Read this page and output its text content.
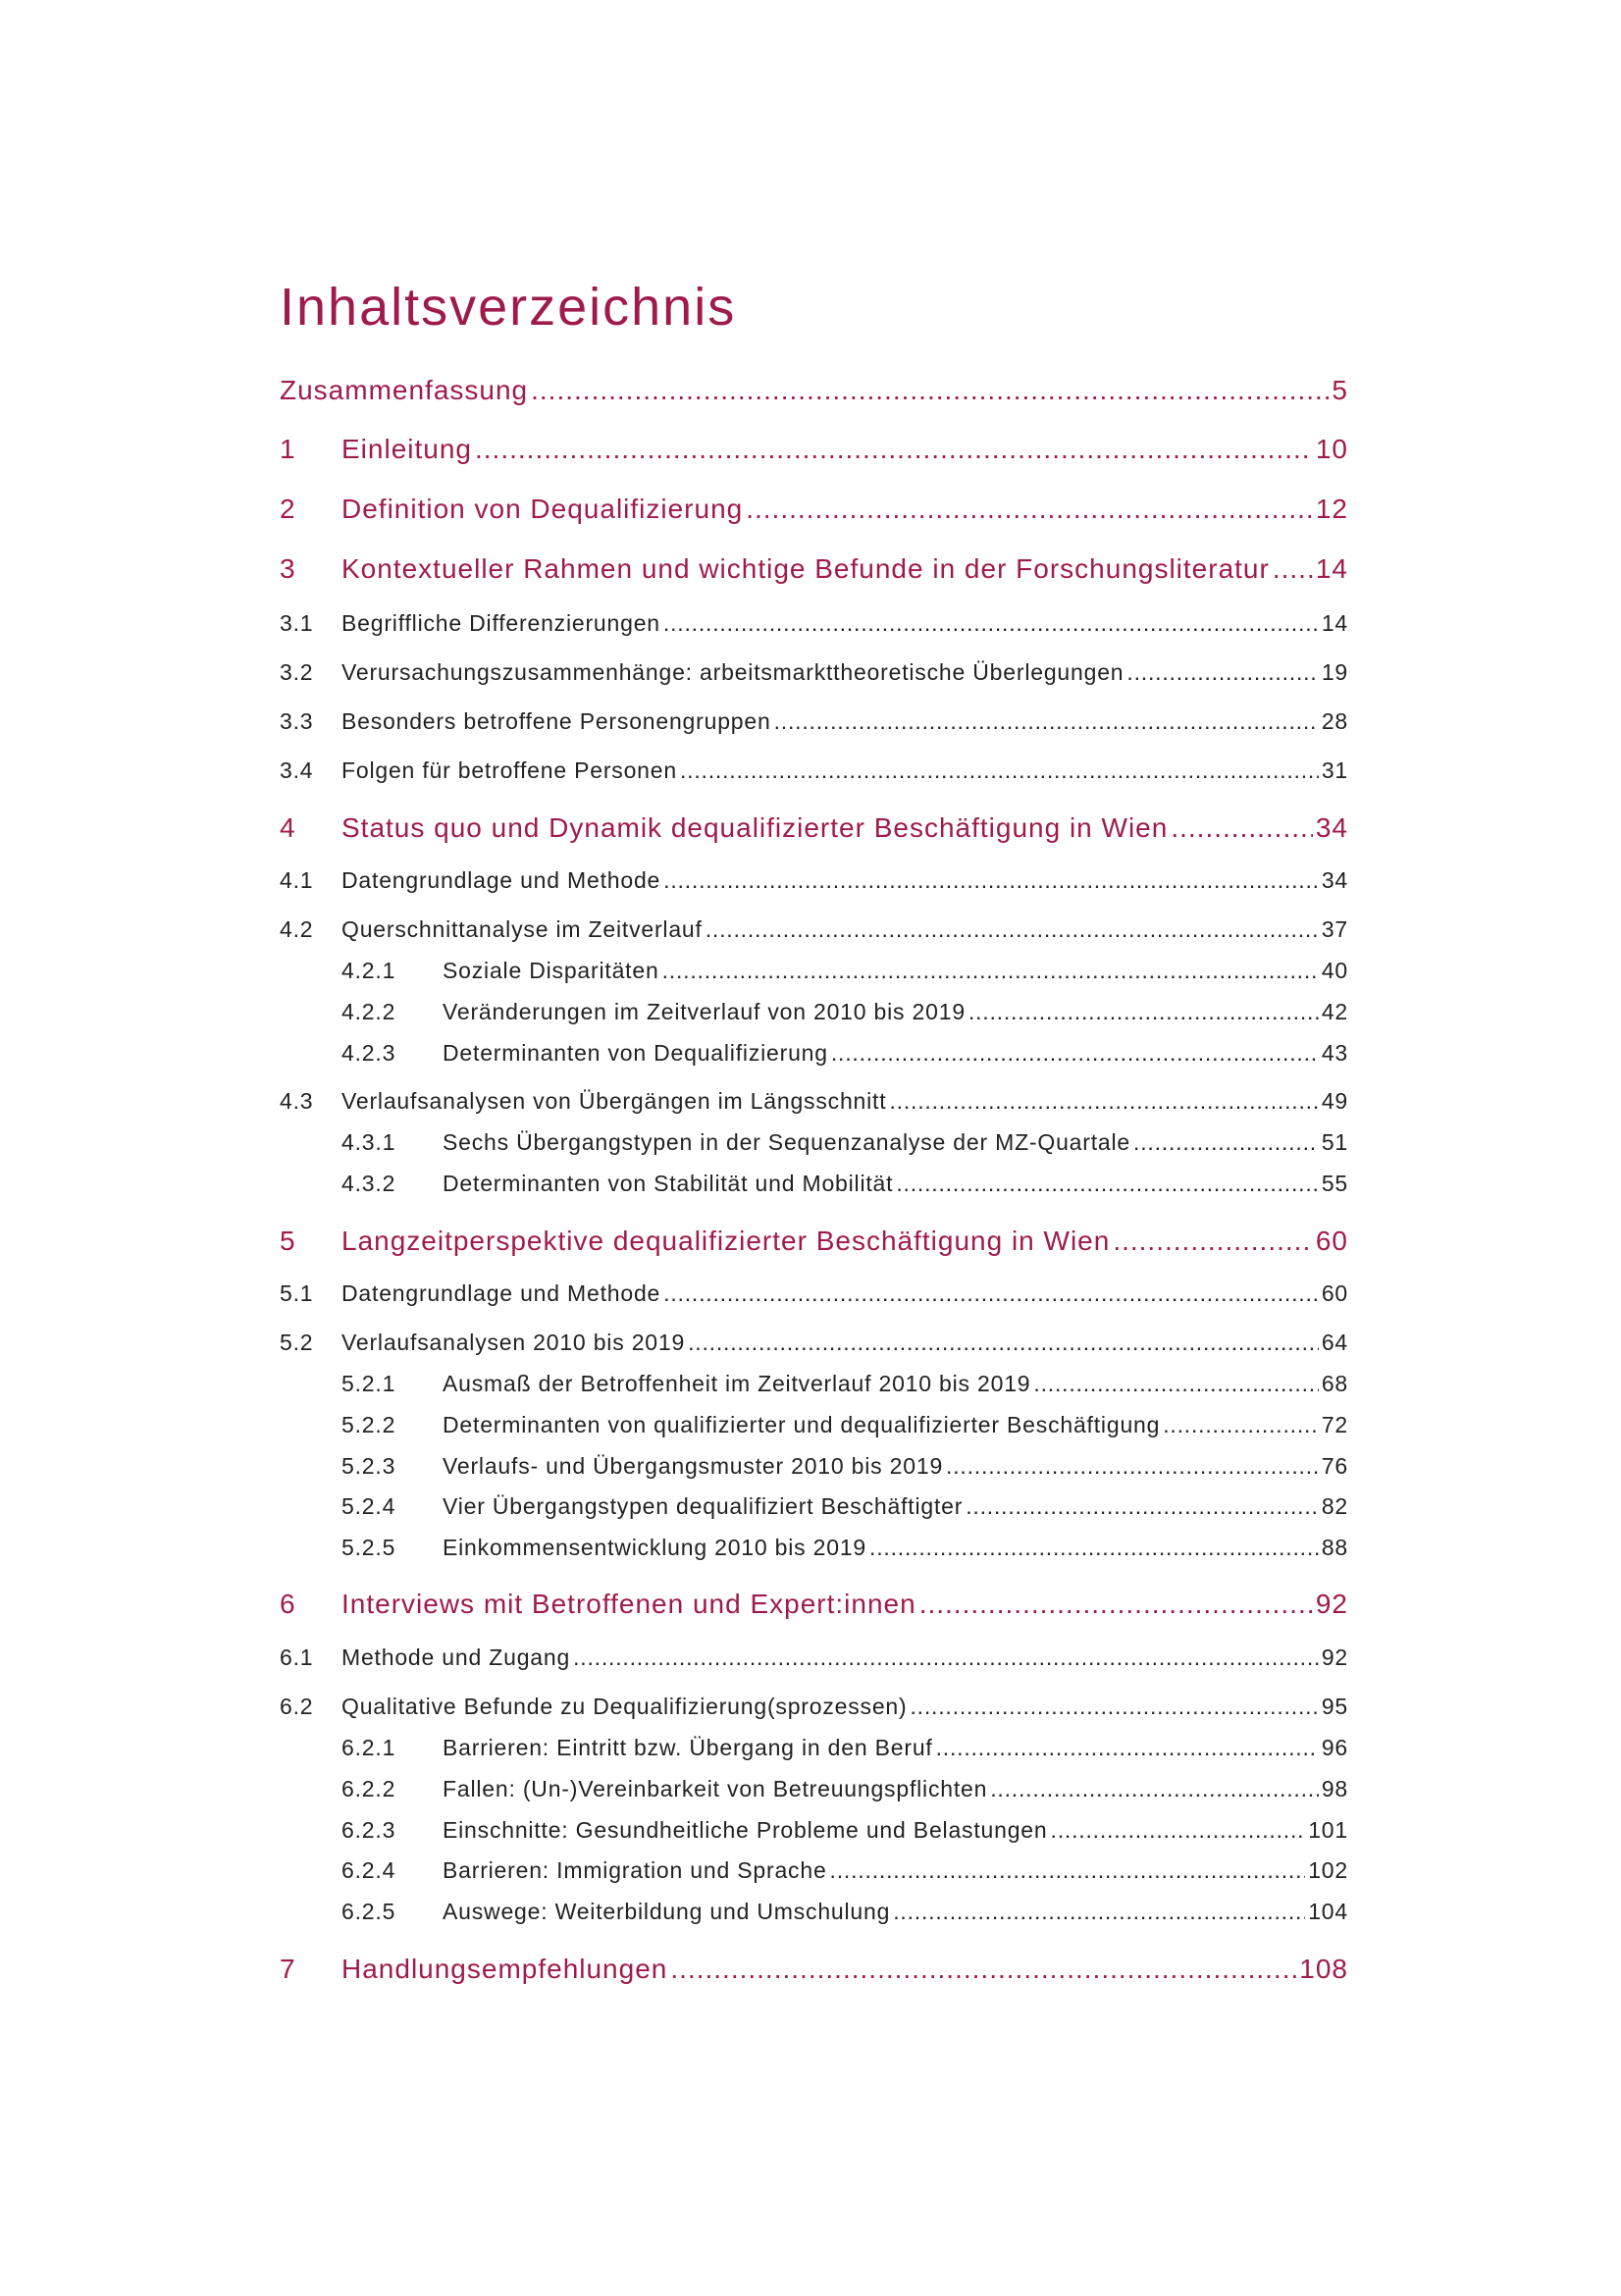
Inhaltsverzeichnis
Zusammenfassung .....	5
1	Einleitung .....	10
2	Definition von Dequalifizierung .....	12
3	Kontextueller Rahmen und wichtige Befunde in der Forschungsliteratur ..... 14
3.1	Begriffliche Differenzierungen .....	14
3.2	Verursachungszusammenhänge: arbeitsmarkttheoretische Überlegungen .....	19
3.3	Besonders betroffene Personengruppen .....	28
3.4	Folgen für betroffene Personen .....	31
4	Status quo und Dynamik dequalifizierter Beschäftigung in Wien .....	34
4.1	Datengrundlage und Methode .....	34
4.2	Querschnittanalyse im Zeitverlauf .....	37
4.2.1	Soziale Disparitäten .....	40
4.2.2	Veränderungen im Zeitverlauf von 2010 bis 2019 .....	42
4.2.3	Determinanten von Dequalifizierung .....	43
4.3	Verlaufsanalysen von Übergängen im Längsschnitt .....	49
4.3.1	Sechs Übergangstypen in der Sequenzanalyse der MZ-Quartale .....	51
4.3.2	Determinanten von Stabilität und Mobilität .....	55
5	Langzeitperspektive dequalifizierter Beschäftigung in Wien .....	60
5.1	Datengrundlage und Methode .....	60
5.2	Verlaufsanalysen 2010 bis 2019 .....	64
5.2.1	Ausmaß der Betroffenheit im Zeitverlauf 2010 bis 2019 .....	68
5.2.2	Determinanten von qualifizierter und dequalifizierter Beschäftigung .....	72
5.2.3	Verlaufs- und Übergangsmuster 2010 bis 2019 .....	76
5.2.4	Vier Übergangstypen dequalifiziert Beschäftigter .....	82
5.2.5	Einkommensentwicklung 2010 bis 2019 .....	88
6	Interviews mit Betroffenen und Expert:innen .....	92
6.1	Methode und Zugang .....	92
6.2	Qualitative Befunde zu Dequalifizierung(sprozessen) .....	95
6.2.1	Barrieren: Eintritt bzw. Übergang in den Beruf .....	96
6.2.2	Fallen: (Un-)Vereinbarkeit von Betreuungspflichten .....	98
6.2.3	Einschnitte: Gesundheitliche Probleme und Belastungen .....	101
6.2.4	Barrieren: Immigration und Sprache .....	102
6.2.5	Auswege: Weiterbildung und Umschulung .....	104
7	Handlungsempfehlungen .....	108
